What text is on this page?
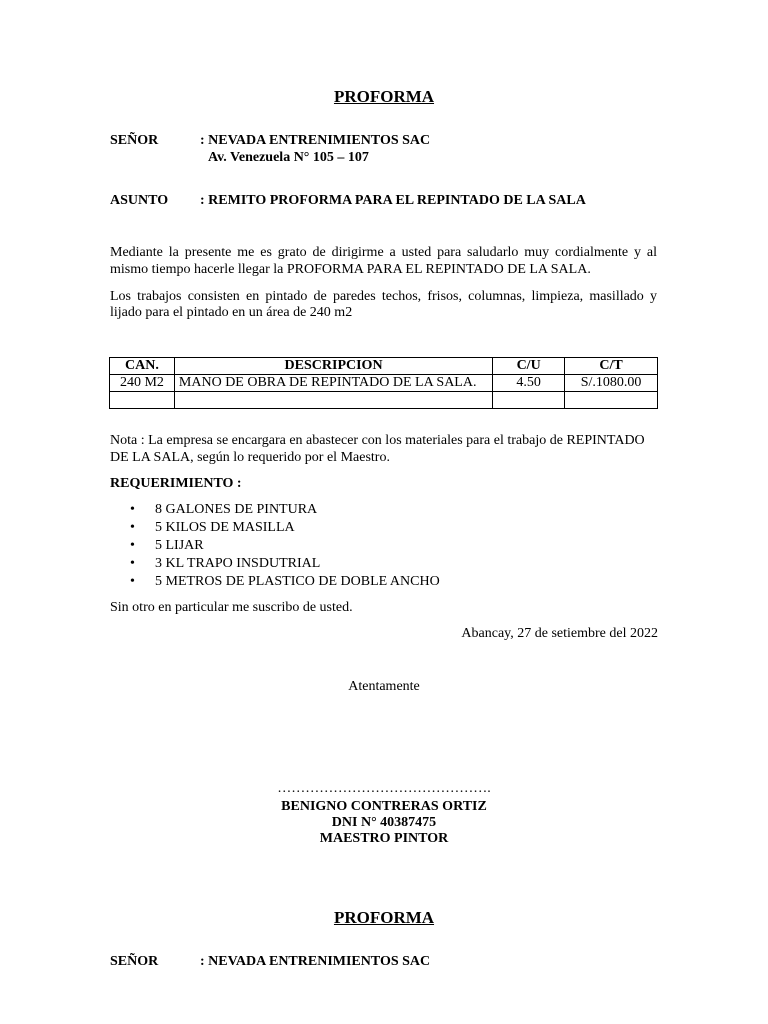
PROFORMA
SEÑOR	: NEVADA ENTRENIMIENTOS SAC
Av. Venezuela N° 105 – 107
ASUNTO : REMITO PROFORMA PARA EL REPINTADO DE LA SALA
Mediante la presente me es grato de dirigirme a usted para saludarlo muy cordialmente y al
mismo tiempo hacerle llegar la PROFORMA PARA EL REPINTADO DE LA SALA.
Los trabajos consisten en pintado de paredes techos, frisos, columnas, limpieza, masillado y
lijado para el pintado en un área de 240 m2
CAN.	DESCRIPCION	C/U	C/T
240 M2	MANO DE OBRA DE REPINTADO DE LA SALA.	4.50	S/.1080.00

Nota : La empresa se encargara en abastecer con los materiales para el trabajo de REPINTADO
DE LA SALA, según lo requerido por el Maestro.
REQUERIMIENTO :
• 8 GALONES DE PINTURA
• 5 KILOS DE MASILLA
• 5 LIJAR
• 3 KL TRAPO INSDUTRIAL
• 5 METROS DE PLASTICO DE DOBLE ANCHO
Sin otro en particular me suscribo de usted.
Abancay, 27 de setiembre del 2022
Atentamente
……………………………………….
BENIGNO CONTRERAS ORTIZ
DNI N° 40387475
MAESTRO PINTOR
PROFORMA
SEÑOR	: NEVADA ENTRENIMIENTOS SAC
